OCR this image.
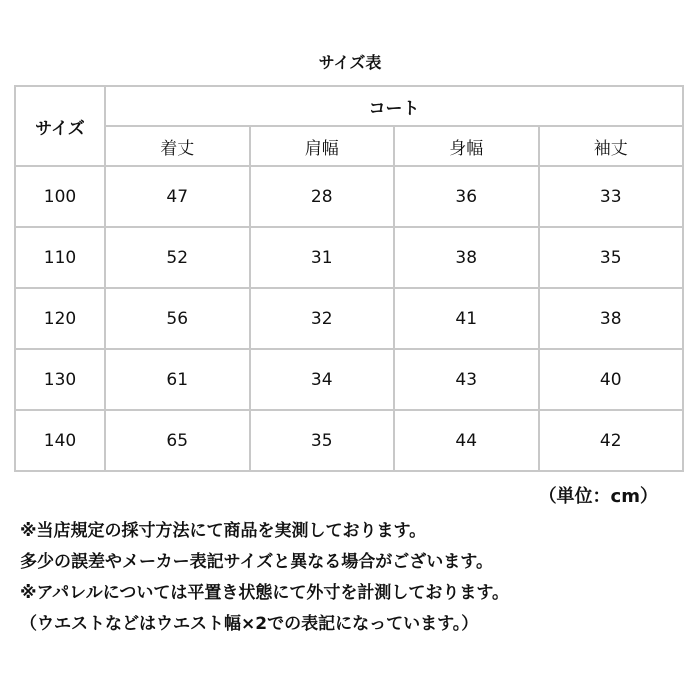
サイズ表
サイズ	コート			
	着丈	肩幅	身幅	袖丈
100	47	28	36	33
110	52	31	38	35
120	56	32	41	38
130	61	34	43	40
140	65	35	44	42
（単位：cm）
※当店規定の採寸方法にて商品を実測しております。
多少の誤差やメーカー表記サイズと異なる場合がございます。
※アパレルについては平置き状態にて外寸を計測しております。
（ウエストなどはウエスト幅×2での表記になっています。）
